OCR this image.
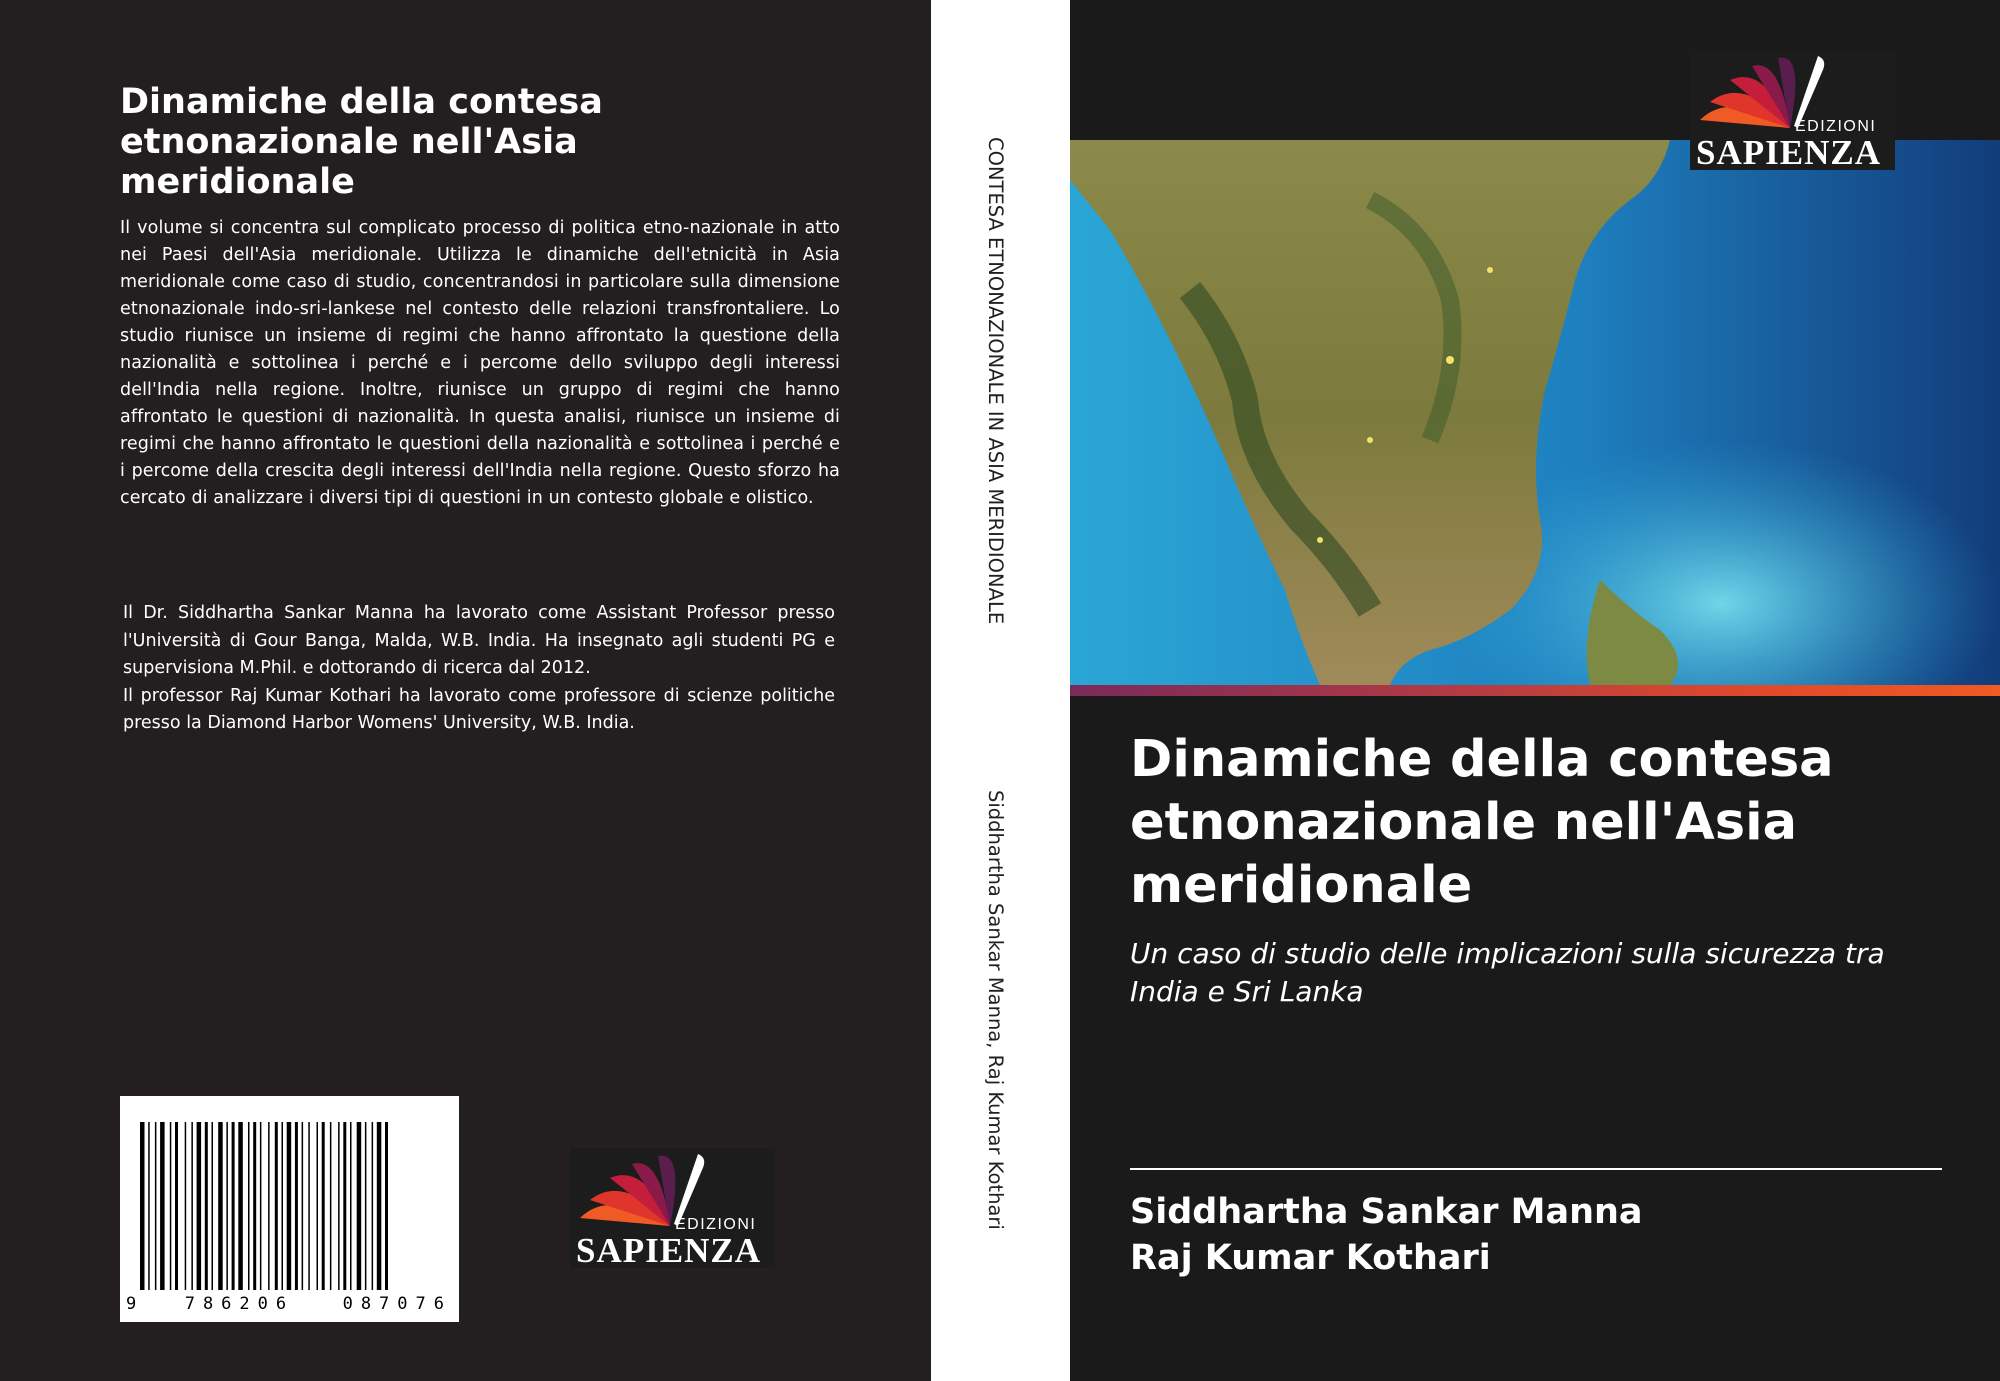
Dinamiche della contesa etnonazionale nell'Asia meridionale

Il volume si concentra sul complicato processo di politica etno-nazionale in atto nei Paesi dell'Asia meridionale. Utilizza le dinamiche dell'etnicità in Asia meridionale come caso di studio, concentrandosi in particolare sulla dimensione etnonazionale indo-sri-lankese nel contesto delle relazioni transfrontaliere. Lo studio riunisce un insieme di regimi che hanno affrontato la questione della nazionalità e sottolinea i perché e i percome dello sviluppo degli interessi dell'India nella regione. Inoltre, riunisce un gruppo di regimi che hanno affrontato le questioni di nazionalità. In questa analisi, riunisce un insieme di regimi che hanno affrontato le questioni della nazionalità e sottolinea i perché e i percome della crescita degli interessi dell'India nella regione. Questo sforzo ha cercato di analizzare i diversi tipi di questioni in un contesto globale e olistico.

Il Dr. Siddhartha Sankar Manna ha lavorato come Assistant Professor presso l'Università di Gour Banga, Malda, W.B. India. Ha insegnato agli studenti PG e supervisiona M.Phil. e dottorando di ricerca dal 2012.

Il professor Raj Kumar Kothari ha lavorato come professore di scienze politiche presso la Diamond Harbor Womens' University, W.B. India.

9	786206	087076
EDIZIONI
SAPIENZA
CONTESA ETNONAZIONALE IN ASIA MERIDIONALE
Siddhartha Sankar Manna, Raj Kumar Kothari
EDIZIONI
SAPIENZA
Dinamiche della contesa etnonazionale nell'Asia meridionale

Un caso di studio delle implicazioni sulla sicurezza tra India e Sri Lanka

Siddhartha Sankar Manna
Raj Kumar Kothari
